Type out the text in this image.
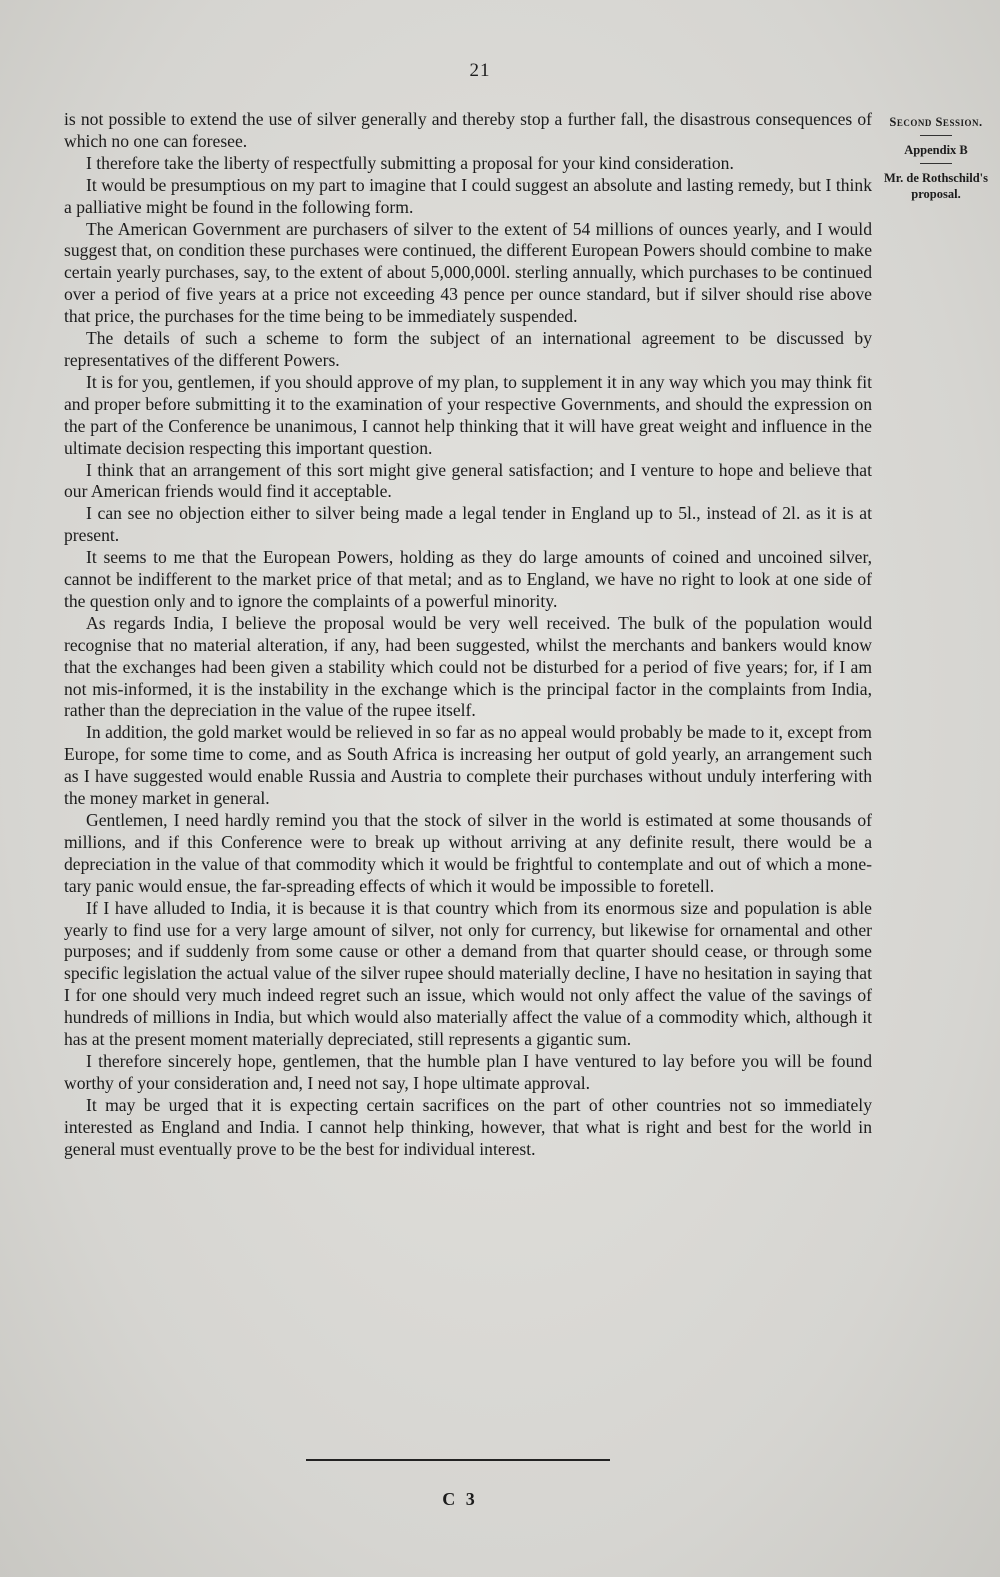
21

is not possible to extend the use of silver generally and thereby stop a further fall, the disastrous consequences of which no one can foresee.

I therefore take the liberty of respectfully submitting a proposal for your kind consideration.

It would be presumptious on my part to imagine that I could suggest an absolute and lasting remedy, but I think a palliative might be found in the following form.

The American Government are purchasers of silver to the extent of 54 millions of ounces yearly, and I would suggest that, on condition these purchases were continued, the different European Powers should combine to make certain yearly purchases, say, to the extent of about 5,000,000l. sterling annually, which purchases to be continued over a period of five years at a price not exceeding 43 pence per ounce standard, but if silver should rise above that price, the purchases for the time being to be immediately suspended.

The details of such a scheme to form the subject of an international agreement to be discussed by representatives of the different Powers.

It is for you, gentlemen, if you should approve of my plan, to supplement it in any way which you may think fit and proper before submitting it to the examination of your respective Governments, and should the expression on the part of the Conference be unanimous, I cannot help thinking that it will have great weight and influence in the ultimate decision respecting this important question.

I think that an arrangement of this sort might give general satisfaction; and I venture to hope and believe that our American friends would find it acceptable.

I can see no objection either to silver being made a legal tender in England up to 5l., instead of 2l. as it is at present.

It seems to me that the European Powers, holding as they do large amounts of coined and uncoined silver, cannot be indifferent to the market price of that metal; and as to England, we have no right to look at one side of the question only and to ignore the complaints of a powerful minority.

As regards India, I believe the proposal would be very well received. The bulk of the population would recognise that no material alteration, if any, had been suggested, whilst the merchants and bankers would know that the exchanges had been given a stability which could not be disturbed for a period of five years; for, if I am not mis-informed, it is the instability in the exchange which is the principal factor in the complaints from India, rather than the depreciation in the value of the rupee itself.

In addition, the gold market would be relieved in so far as no appeal would probably be made to it, except from Europe, for some time to come, and as South Africa is increasing her output of gold yearly, an arrangement such as I have suggested would enable Russia and Austria to complete their purchases without unduly interfering with the money market in general.

Gentlemen, I need hardly remind you that the stock of silver in the world is estimated at some thousands of millions, and if this Conference were to break up without arriving at any definite result, there would be a depreciation in the value of that commodity which it would be frightful to contemplate and out of which a mone-tary panic would ensue, the far-spreading effects of which it would be impossible to foretell.

If I have alluded to India, it is because it is that country which from its enormous size and population is able yearly to find use for a very large amount of silver, not only for currency, but likewise for ornamental and other purposes; and if suddenly from some cause or other a demand from that quarter should cease, or through some specific legislation the actual value of the silver rupee should materially decline, I have no hesitation in saying that I for one should very much indeed regret such an issue, which would not only affect the value of the savings of hundreds of millions in India, but which would also materially affect the value of a commodity which, although it has at the present moment materially depreciated, still represents a gigantic sum.

I therefore sincerely hope, gentlemen, that the humble plan I have ventured to lay before you will be found worthy of your consideration and, I need not say, I hope ultimate approval.

It may be urged that it is expecting certain sacrifices on the part of other countries not so immediately interested as England and India. I cannot help thinking, however, that what is right and best for the world in general must eventually prove to be the best for individual interest.

Second Session.
Appendix B
Mr. de Rothschild's proposal.
C 3
